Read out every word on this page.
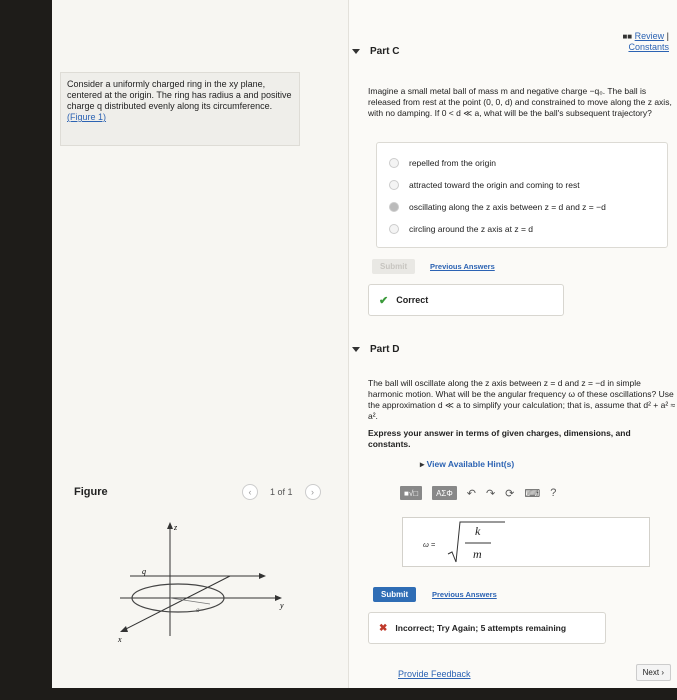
Consider a uniformly charged ring in the xy plane, centered at the origin. The ring has radius a and positive charge q distributed evenly along its circumference. (Figure 1)
Figure	‹	1 of 1	›
z
y
x
q
a
■■ Review |
Constants
Part C
Imagine a small metal ball of mass m and negative charge −q₀. The ball is released from rest at the point (0, 0, d) and constrained to move along the z axis, with no damping. If 0 < d ≪ a, what will be the ball's subsequent trajectory?
repelled from the origin
attracted toward the origin and coming to rest
oscillating along the z axis between z = d and z = −d
circling around the z axis at z = d
Submit	Previous Answers
✔ Correct
Part D
The ball will oscillate along the z axis between z = d and z = −d in simple harmonic motion. What will be the angular frequency ω of these oscillations? Use the approximation d ≪ a to simplify your calculation; that is, assume that d² + a² ≈ a².
Express your answer in terms of given charges, dimensions, and constants.
▸ View Available Hint(s)
■√□	ΑΣΦ	↶ ↷ ⟳ ⌨ ?
ω =
k
m
Submit	Previous Answers
✖ Incorrect; Try Again; 5 attempts remaining
Provide Feedback	Next ›
